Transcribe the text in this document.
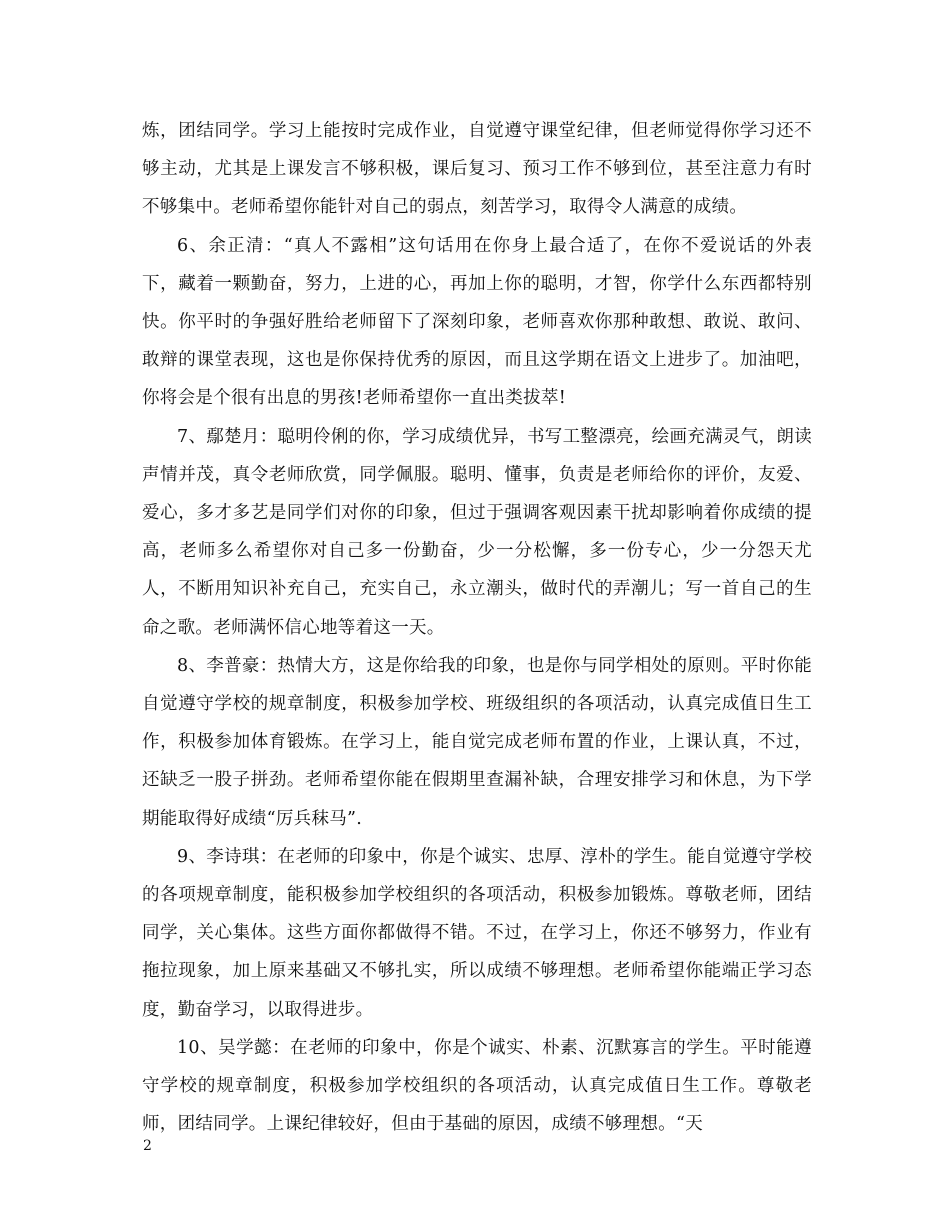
炼，团结同学。学习上能按时完成作业，自觉遵守课堂纪律，但老师觉得你学习还不够主动，尤其是上课发言不够积极，课后复习、预习工作不够到位，甚至注意力有时不够集中。老师希望你能针对自己的弱点，刻苦学习，取得令人满意的成绩。

6、余正清：“真人不露相”这句话用在你身上最合适了，在你不爱说话的外表下，藏着一颗勤奋，努力，上进的心，再加上你的聪明，才智，你学什么东西都特别快。你平时的争强好胜给老师留下了深刻印象，老师喜欢你那种敢想、敢说、敢问、敢辩的课堂表现，这也是你保持优秀的原因，而且这学期在语文上进步了。加油吧，你将会是个很有出息的男孩!老师希望你一直出类拔萃!

7、鄢楚月：聪明伶俐的你，学习成绩优异，书写工整漂亮，绘画充满灵气，朗读声情并茂，真令老师欣赏，同学佩服。聪明、懂事，负责是老师给你的评价，友爱、爱心，多才多艺是同学们对你的印象，但过于强调客观因素干扰却影响着你成绩的提高，老师多么希望你对自己多一份勤奋，少一分松懈，多一份专心，少一分怨天尤人，不断用知识补充自己，充实自己，永立潮头，做时代的弄潮儿；写一首自己的生命之歌。老师满怀信心地等着这一天。

8、李普豪：热情大方，这是你给我的印象，也是你与同学相处的原则。平时你能自觉遵守学校的规章制度，积极参加学校、班级组织的各项活动，认真完成值日生工作，积极参加体育锻炼。在学习上，能自觉完成老师布置的作业，上课认真，不过，还缺乏一股子拼劲。老师希望你能在假期里查漏补缺，合理安排学习和休息，为下学期能取得好成绩“厉兵秣马”.

9、李诗琪：在老师的印象中，你是个诚实、忠厚、淳朴的学生。能自觉遵守学校的各项规章制度，能积极参加学校组织的各项活动，积极参加锻炼。尊敬老师，团结同学，关心集体。这些方面你都做得不错。不过，在学习上，你还不够努力，作业有拖拉现象，加上原来基础又不够扎实，所以成绩不够理想。老师希望你能端正学习态度，勤奋学习，以取得进步。

10、吴学懿：在老师的印象中，你是个诚实、朴素、沉默寡言的学生。平时能遵守学校的规章制度，积极参加学校组织的各项活动，认真完成值日生工作。尊敬老师，团结同学。上课纪律较好，但由于基础的原因，成绩不够理想。“天

2
